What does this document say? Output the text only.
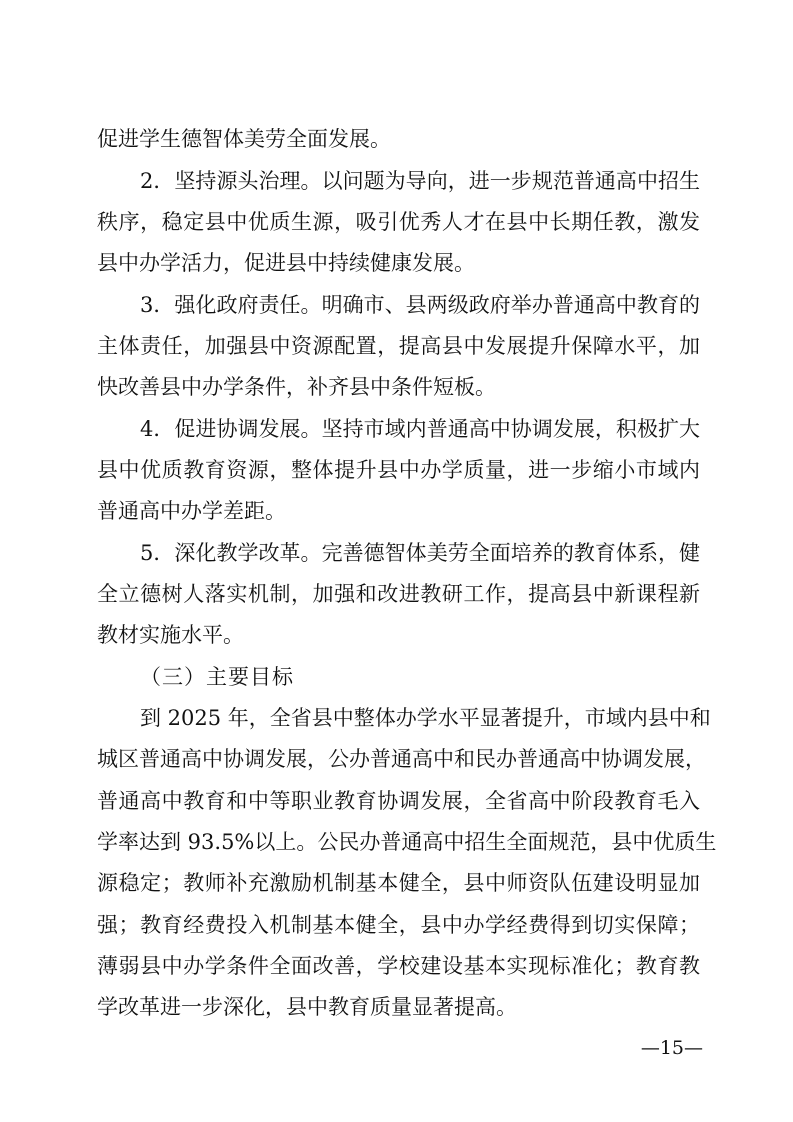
促进学生德智体美劳全面发展。
2．坚持源头治理。以问题为导向，进一步规范普通高中招生
秩序，稳定县中优质生源，吸引优秀人才在县中长期任教，激发
县中办学活力，促进县中持续健康发展。
3．强化政府责任。明确市、县两级政府举办普通高中教育的
主体责任，加强县中资源配置，提高县中发展提升保障水平，加
快改善县中办学条件，补齐县中条件短板。
4．促进协调发展。坚持市域内普通高中协调发展，积极扩大
县中优质教育资源，整体提升县中办学质量，进一步缩小市域内
普通高中办学差距。
5．深化教学改革。完善德智体美劳全面培养的教育体系，健
全立德树人落实机制，加强和改进教研工作，提高县中新课程新
教材实施水平。
（三）主要目标
到 2025 年，全省县中整体办学水平显著提升，市域内县中和
城区普通高中协调发展，公办普通高中和民办普通高中协调发展，
普通高中教育和中等职业教育协调发展，全省高中阶段教育毛入
学率达到 93.5%以上。公民办普通高中招生全面规范，县中优质生
源稳定；教师补充激励机制基本健全，县中师资队伍建设明显加
强；教育经费投入机制基本健全，县中办学经费得到切实保障；
薄弱县中办学条件全面改善，学校建设基本实现标准化；教育教
学改革进一步深化，县中教育质量显著提高。
—15—
